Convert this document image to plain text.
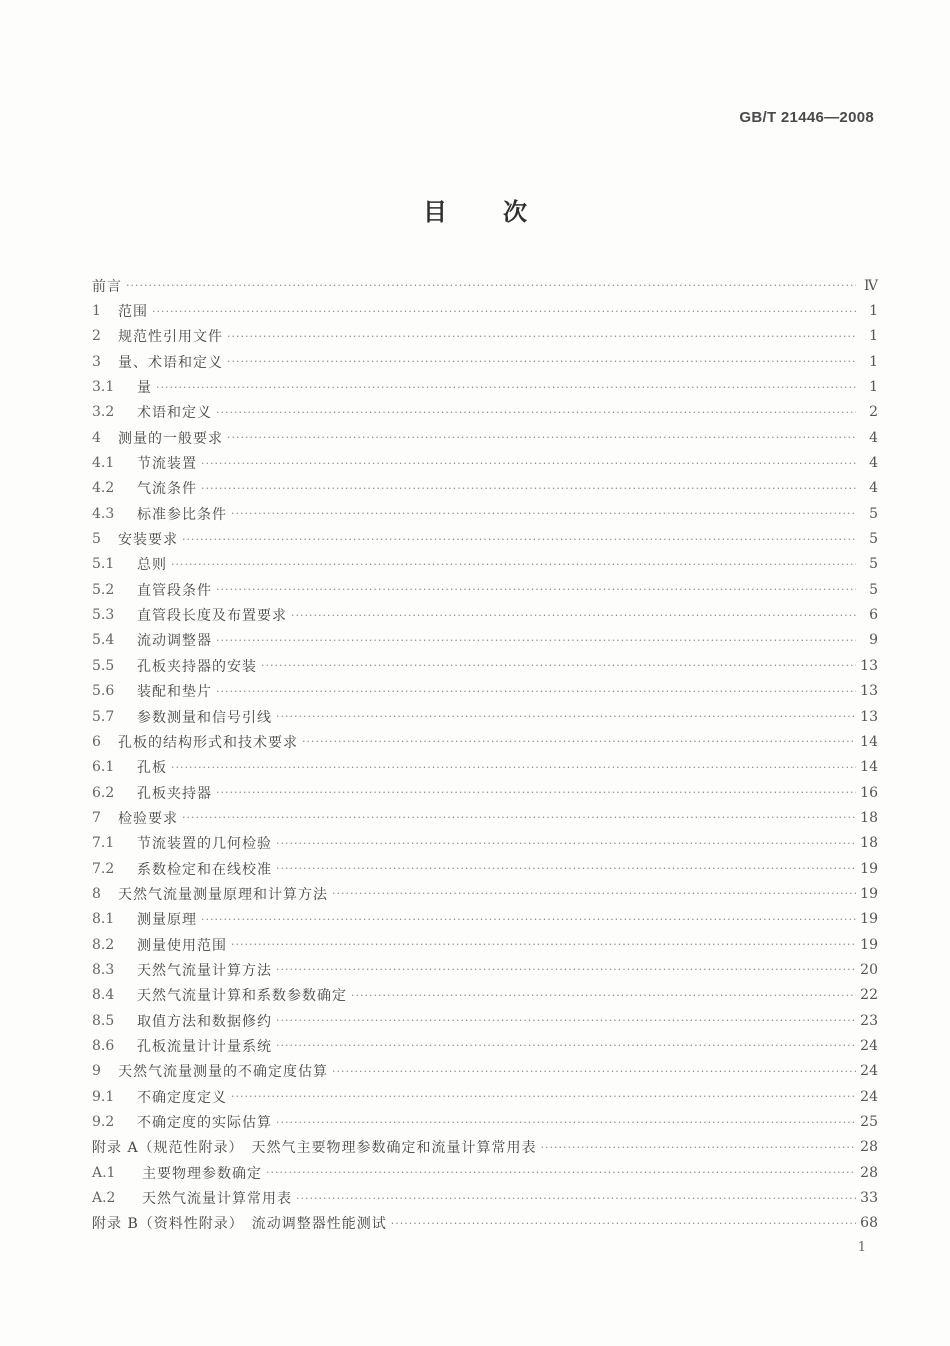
GB/T 21446—2008
目 次
前言 ·····	Ⅳ
1	范围 ·····	1
2	规范性引用文件 ·····	1
3	量、术语和定义 ·····	1
3.1	量 ·····	1
3.2	术语和定义 ·····	2
4	测量的一般要求 ·····	4
4.1	节流装置 ·····	4
4.2	气流条件 ·····	4
4.3	标准参比条件 ·····	5
5	安装要求 ·····	5
5.1	总则 ·····	5
5.2	直管段条件 ·····	5
5.3	直管段长度及布置要求 ·····	6
5.4	流动调整器 ·····	9
5.5	孔板夹持器的安装 ·····	13
5.6	装配和垫片 ·····	13
5.7	参数测量和信号引线 ·····	13
6	孔板的结构形式和技术要求 ·····	14
6.1	孔板 ·····	14
6.2	孔板夹持器 ·····	16
7	检验要求 ·····	18
7.1	节流装置的几何检验 ·····	18
7.2	系数检定和在线校准 ·····	19
8	天然气流量测量原理和计算方法 ·····	19
8.1	测量原理 ·····	19
8.2	测量使用范围 ·····	19
8.3	天然气流量计算方法 ·····	20
8.4	天然气流量计算和系数参数确定 ·····	22
8.5	取值方法和数据修约 ·····	23
8.6	孔板流量计计量系统 ·····	24
9	天然气流量测量的不确定度估算 ·····	24
9.1	不确定度定义 ·····	24
9.2	不确定度的实际估算 ·····	25
附录 A（规范性附录）　天然气主要物理参数确定和流量计算常用表 ·····	28
A.1	主要物理参数确定 ·····	28
A.2	天然气流量计算常用表 ·····	33
附录 B（资料性附录）　流动调整器性能测试 ·····	68
1
